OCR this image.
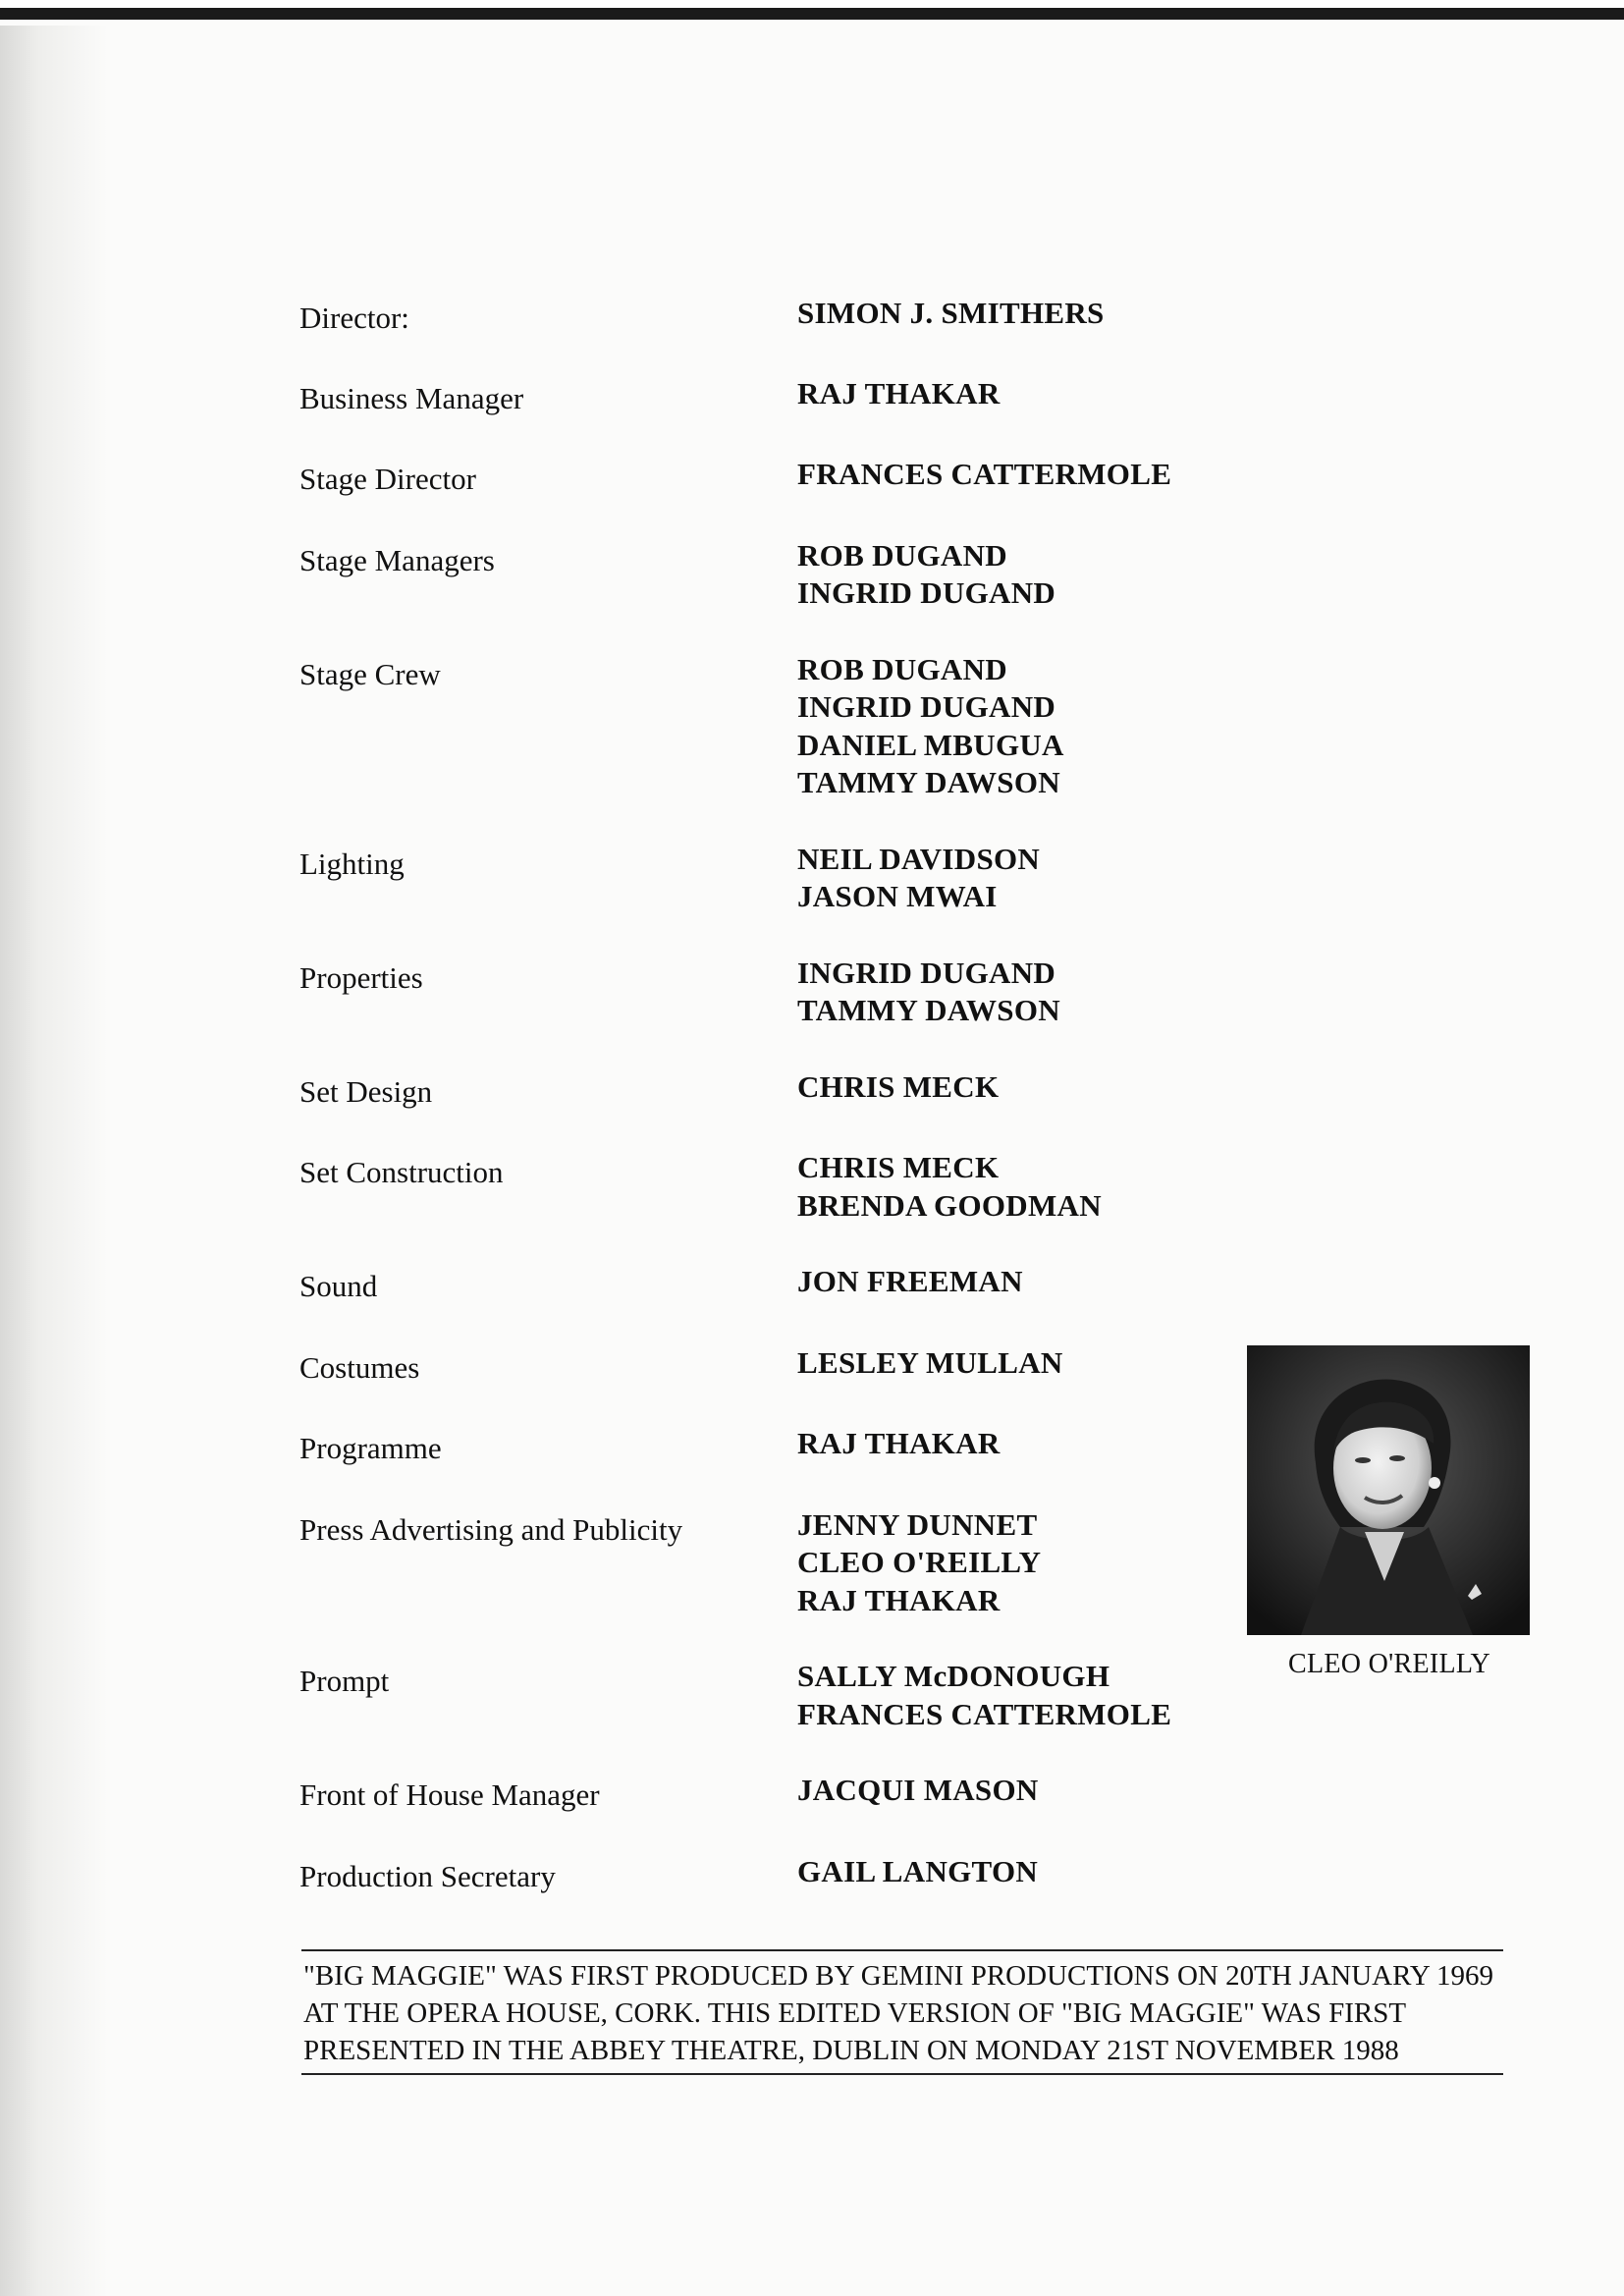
Director:	SIMON J. SMITHERS
Business Manager	RAJ THAKAR
Stage Director	FRANCES CATTERMOLE
Stage Managers	ROB DUGAND
INGRID DUGAND
Stage Crew	ROB DUGAND
INGRID DUGAND
DANIEL MBUGUA
TAMMY DAWSON
Lighting	NEIL DAVIDSON
JASON MWAI
Properties	INGRID DUGAND
TAMMY DAWSON
Set Design	CHRIS MECK
Set Construction	CHRIS MECK
BRENDA GOODMAN
Sound	JON FREEMAN
Costumes	LESLEY MULLAN
Programme	RAJ THAKAR
Press Advertising and Publicity	JENNY DUNNET
CLEO O'REILLY
RAJ THAKAR
Prompt	SALLY McDONOUGH
FRANCES CATTERMOLE
Front of House Manager	JACQUI MASON
Production Secretary	GAIL LANGTON
CLEO O'REILLY
"BIG MAGGIE" WAS FIRST PRODUCED BY GEMINI PRODUCTIONS ON 20TH JANUARY 1969 AT THE OPERA HOUSE, CORK. THIS EDITED VERSION OF "BIG MAGGIE" WAS FIRST PRESENTED IN THE ABBEY THEATRE, DUBLIN ON MONDAY 21ST NOVEMBER 1988
